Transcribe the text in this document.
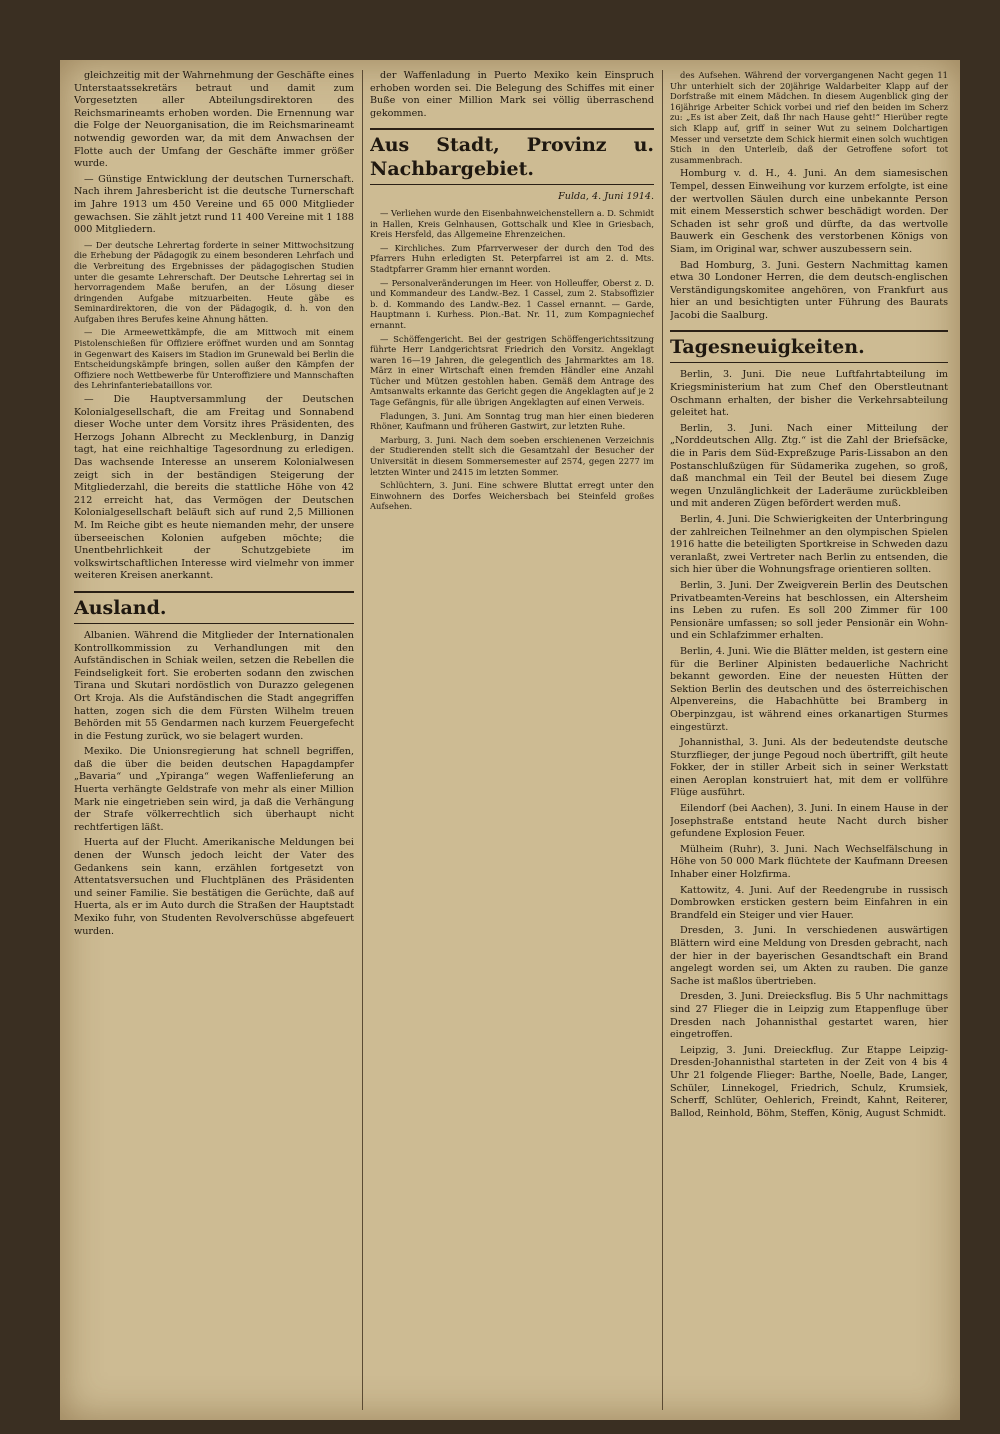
gleichzeitig mit der Wahrnehmung der Geschäfte eines Unterstaatssekretärs betraut und damit zum Vorgesetzten aller Abteilungsdirektoren des Reichsmarineamts erhoben worden. Die Ernennung war die Folge der Neuorganisation, die im Reichsmarineamt notwendig geworden war, da mit dem Anwachsen der Flotte auch der Umfang der Geschäfte immer größer wurde.

— Günstige Entwicklung der deutschen Turnerschaft. Nach ihrem Jahresbericht ist die deutsche Turnerschaft im Jahre 1913 um 450 Vereine und 65 000 Mitglieder gewachsen. Sie zählt jetzt rund 11 400 Vereine mit 1 188 000 Mitgliedern.

— Der deutsche Lehrertag forderte in seiner Mittwochsitzung die Erhebung der Pädagogik zu einem besonderen Lehrfach und die Verbreitung des Ergebnisses der pädagogischen Studien unter die gesamte Lehrerschaft. Der Deutsche Lehrertag sei in hervorragendem Maße berufen, an der Lösung dieser dringenden Aufgabe mitzuarbeiten. Heute gäbe es Seminardirektoren, die von der Pädagogik, d. h. von den Aufgaben ihres Berufes keine Ahnung hätten.

— Die Armeewettkämpfe, die am Mittwoch mit einem Pistolenschießen für Offiziere eröffnet wurden und am Sonntag in Gegenwart des Kaisers im Stadion im Grunewald bei Berlin die Entscheidungskämpfe bringen, sollen außer den Kämpfen der Offiziere noch Wettbewerbe für Unteroffiziere und Mannschaften des Lehrinfanteriebataillons vor.

— Die Hauptversammlung der Deutschen Kolonialgesellschaft, die am Freitag und Sonnabend dieser Woche unter dem Vorsitz ihres Präsidenten, des Herzogs Johann Albrecht zu Mecklenburg, in Danzig tagt, hat eine reichhaltige Tagesordnung zu erledigen. Das wachsende Interesse an unserem Kolonialwesen zeigt sich in der beständigen Steigerung der Mitgliederzahl, die bereits die stattliche Höhe von 42 212 erreicht hat, das Vermögen der Deutschen Kolonialgesellschaft beläuft sich auf rund 2,5 Millionen M. Im Reiche gibt es heute niemanden mehr, der unsere überseeischen Kolonien aufgeben möchte; die Unentbehrlichkeit der Schutzgebiete im volkswirtschaftlichen Interesse wird vielmehr von immer weiteren Kreisen anerkannt.

Ausland.

Albanien. Während die Mitglieder der Internationalen Kontrollkommission zu Verhandlungen mit den Aufständischen in Schiak weilen, setzen die Rebellen die Feindseligkeit fort. Sie eroberten sodann den zwischen Tirana und Skutari nordöstlich von Durazzo gelegenen Ort Kroja. Als die Aufständischen die Stadt angegriffen hatten, zogen sich die dem Fürsten Wilhelm treuen Behörden mit 55 Gendarmen nach kurzem Feuergefecht in die Festung zurück, wo sie belagert wurden.

Mexiko. Die Unionsregierung hat schnell begriffen, daß die über die beiden deutschen Hapagdampfer „Bavaria“ und „Ypiranga“ wegen Waffenlieferung an Huerta verhängte Geldstrafe von mehr als einer Million Mark nie eingetrieben sein wird, ja daß die Verhängung der Strafe völkerrechtlich sich überhaupt nicht rechtfertigen läßt.

Huerta auf der Flucht. Amerikanische Meldungen bei denen der Wunsch jedoch leicht der Vater des Gedankens sein kann, erzählen fortgesetzt von Attentatsversuchen und Fluchtplänen des Präsidenten und seiner Familie. Sie bestätigen die Gerüchte, daß auf Huerta, als er im Auto durch die Straßen der Hauptstadt Mexiko fuhr, von Studenten Revolverschüsse abgefeuert wurden.

der Waffenladung in Puerto Mexiko kein Einspruch erhoben worden sei. Die Belegung des Schiffes mit einer Buße von einer Million Mark sei völlig überraschend gekommen.

Aus Stadt, Provinz u. Nachbargebiet.

Fulda, 4. Juni 1914.

— Verliehen wurde den Eisenbahnweichenstellern a. D. Schmidt in Hallen, Kreis Gelnhausen, Gottschalk und Klee in Griesbach, Kreis Hersfeld, das Allgemeine Ehrenzeichen.

— Kirchliches. Zum Pfarrverweser der durch den Tod des Pfarrers Huhn erledigten St. Peterpfarrei ist am 2. d. Mts. Stadtpfarrer Gramm hier ernannt worden.

— Personalveränderungen im Heer. von Holleuffer, Oberst z. D. und Kommandeur des Landw.-Bez. 1 Cassel, zum 2. Stabsoffizier b. d. Kommando des Landw.-Bez. 1 Cassel ernannt. — Garde, Hauptmann i. Kurhess. Pion.-Bat. Nr. 11, zum Kompagniechef ernannt.

— Schöffengericht. Bei der gestrigen Schöffengerichtssitzung führte Herr Landgerichtsrat Friedrich den Vorsitz. Angeklagt waren 16—19 Jahren, die gelegentlich des Jahrmarktes am 18. März in einer Wirtschaft einen fremden Händler eine Anzahl Tücher und Mützen gestohlen haben. Gemäß dem Antrage des Amtsanwalts erkannte das Gericht gegen die Angeklagten auf je 2 Tage Gefängnis, für alle übrigen Angeklagten auf einen Verweis.

Fladungen, 3. Juni. Am Sonntag trug man hier einen biederen Rhöner, Kaufmann und früheren Gastwirt, zur letzten Ruhe.

Marburg, 3. Juni. Nach dem soeben erschienenen Verzeichnis der Studierenden stellt sich die Gesamtzahl der Besucher der Universität in diesem Sommersemester auf 2574, gegen 2277 im letzten Winter und 2415 im letzten Sommer.

Schlüchtern, 3. Juni. Eine schwere Bluttat erregt unter den Einwohnern des Dorfes Weichersbach bei Steinfeld großes Aufsehen.

des Aufsehen. Während der vorvergangenen Nacht gegen 11 Uhr unterhielt sich der 20jährige Waldarbeiter Klapp auf der Dorfstraße mit einem Mädchen. In diesem Augenblick ging der 16jährige Arbeiter Schick vorbei und rief den beiden im Scherz zu: „Es ist aber Zeit, daß Ihr nach Hause geht!“ Hierüber regte sich Klapp auf, griff in seiner Wut zu seinem Dolchartigen Messer und versetzte dem Schick hiermit einen solch wuchtigen Stich in den Unterleib, daß der Getroffene sofort tot zusammenbrach.

Homburg v. d. H., 4. Juni. An dem siamesischen Tempel, dessen Einweihung vor kurzem erfolgte, ist eine der wertvollen Säulen durch eine unbekannte Person mit einem Messerstich schwer beschädigt worden. Der Schaden ist sehr groß und dürfte, da das wertvolle Bauwerk ein Geschenk des verstorbenen Königs von Siam, im Original war, schwer auszubessern sein.

Bad Homburg, 3. Juni. Gestern Nachmittag kamen etwa 30 Londoner Herren, die dem deutsch-englischen Verständigungskomitee angehören, von Frankfurt aus hier an und besichtigten unter Führung des Baurats Jacobi die Saalburg.

Tagesneuigkeiten.

Berlin, 3. Juni. Die neue Luftfahrtabteilung im Kriegsministerium hat zum Chef den Oberstleutnant Oschmann erhalten, der bisher die Verkehrsabteilung geleitet hat.

Berlin, 3. Juni. Nach einer Mitteilung der „Norddeutschen Allg. Ztg.“ ist die Zahl der Briefsäcke, die in Paris dem Süd-Expreßzuge Paris-Lissabon an den Postanschlußzügen für Südamerika zugehen, so groß, daß manchmal ein Teil der Beutel bei diesem Zuge wegen Unzulänglichkeit der Laderäume zurückbleiben und mit anderen Zügen befördert werden muß.

Berlin, 4. Juni. Die Schwierigkeiten der Unterbringung der zahlreichen Teilnehmer an den olympischen Spielen 1916 hatte die beteiligten Sportkreise in Schweden dazu veranlaßt, zwei Vertreter nach Berlin zu entsenden, die sich hier über die Wohnungsfrage orientieren sollten.

Berlin, 3. Juni. Der Zweigverein Berlin des Deutschen Privatbeamten-Vereins hat beschlossen, ein Altersheim ins Leben zu rufen. Es soll 200 Zimmer für 100 Pensionäre umfassen; so soll jeder Pensionär ein Wohn- und ein Schlafzimmer erhalten.

Berlin, 4. Juni. Wie die Blätter melden, ist gestern eine für die Berliner Alpinisten bedauerliche Nachricht bekannt geworden. Eine der neuesten Hütten der Sektion Berlin des deutschen und des österreichischen Alpenvereins, die Habachhütte bei Bramberg in Oberpinzgau, ist während eines orkanartigen Sturmes eingestürzt.

Johannisthal, 3. Juni. Als der bedeutendste deutsche Sturzflieger, der junge Pegoud noch übertrifft, gilt heute Fokker, der in stiller Arbeit sich in seiner Werkstatt einen Aeroplan konstruiert hat, mit dem er vollführe Flüge ausführt.

Eilendorf (bei Aachen), 3. Juni. In einem Hause in der Josephstraße entstand heute Nacht durch bisher gefundene Explosion Feuer.

Mülheim (Ruhr), 3. Juni. Nach Wechselfälschung in Höhe von 50 000 Mark flüchtete der Kaufmann Dreesen Inhaber einer Holzfirma.

Kattowitz, 4. Juni. Auf der Reedengrube in russisch Dombrowken ersticken gestern beim Einfahren in ein Brandfeld ein Steiger und vier Hauer.

Dresden, 3. Juni. In verschiedenen auswärtigen Blättern wird eine Meldung von Dresden gebracht, nach der hier in der bayerischen Gesandtschaft ein Brand angelegt worden sei, um Akten zu rauben. Die ganze Sache ist maßlos übertrieben.

Dresden, 3. Juni. Dreiecksflug. Bis 5 Uhr nachmittags sind 27 Flieger die in Leipzig zum Etappenfluge über Dresden nach Johannisthal gestartet waren, hier eingetroffen.

Leipzig, 3. Juni. Dreieckflug. Zur Etappe Leipzig-Dresden-Johannisthal starteten in der Zeit von 4 bis 4 Uhr 21 folgende Flieger: Barthe, Noelle, Bade, Langer, Schüler, Linnekogel, Friedrich, Schulz, Krumsiek, Scherff, Schlüter, Oehlerich, Freindt, Kahnt, Reiterer, Ballod, Reinhold, Böhm, Steffen, König, August Schmidt.
